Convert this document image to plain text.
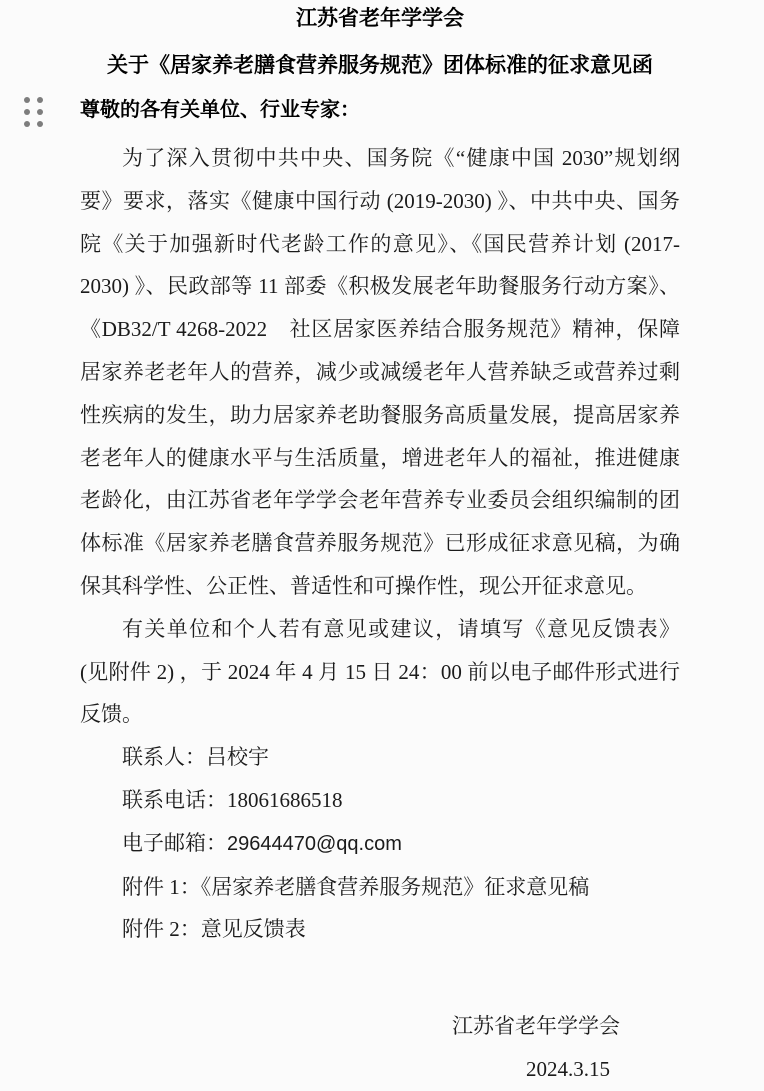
江苏省老年学学会
关于《居家养老膳食营养服务规范》团体标准的征求意见函

尊敬的各有关单位、行业专家：

为了深入贯彻中共中央、国务院《“健康中国 2030”规划纲要》要求，落实《健康中国行动 (2019-2030) 》、中共中央、国务院《关于加强新时代老龄工作的意见》、《国民营养计划 (2017-2030) 》、民政部等 11 部委《积极发展老年助餐服务行动方案》、《DB32/T 4268-2022　社区居家医养结合服务规范》精神，保障居家养老老年人的营养，减少或减缓老年人营养缺乏或营养过剩性疾病的发生，助力居家养老助餐服务高质量发展，提高居家养老老年人的健康水平与生活质量，增进老年人的福祉，推进健康老龄化，由江苏省老年学学会老年营养专业委员会组织编制的团体标准《居家养老膳食营养服务规范》已形成征求意见稿，为确保其科学性、公正性、普适性和可操作性，现公开征求意见。

有关单位和个人若有意见或建议，请填写《意见反馈表》 (见附件 2) ，于 2024 年 4 月 15 日 24：00 前以电子邮件形式进行反馈。

联系人：吕校宇

联系电话：18061686518

电子邮箱：29644470@qq.com

附件 1：《居家养老膳食营养服务规范》征求意见稿

附件 2：意见反馈表

江苏省老年学学会
2024.3.15
